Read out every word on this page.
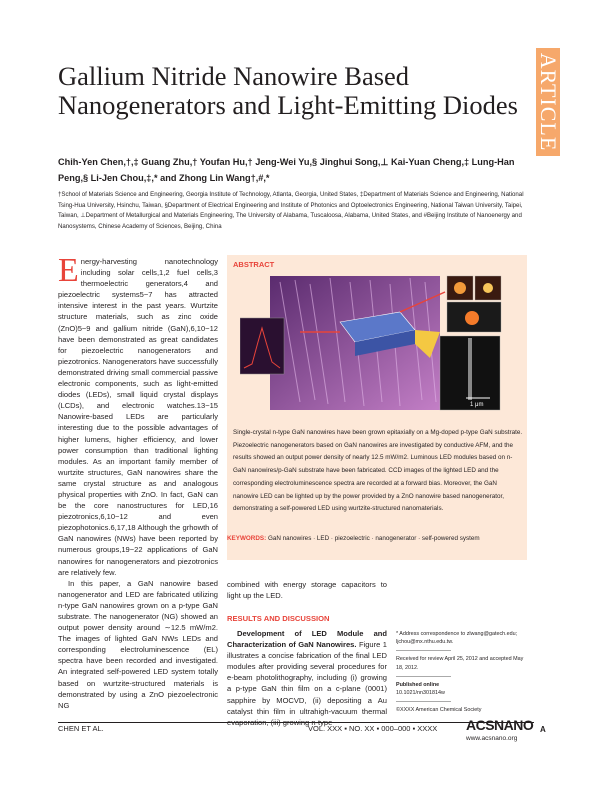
ARTICLE
Gallium Nitride Nanowire Based Nanogenerators and Light-Emitting Diodes
Chih-Yen Chen,†,‡ Guang Zhu,† Youfan Hu,† Jeng-Wei Yu,§ Jinghui Song,⊥ Kai-Yuan Cheng,‡ Lung-Han Peng,§ Li-Jen Chou,‡,* and Zhong Lin Wang†,#,*
†School of Materials Science and Engineering, Georgia Institute of Technology, Atlanta, Georgia, United States, ‡Department of Materials Science and Engineering, National Tsing-Hua University, Hsinchu, Taiwan, §Department of Electrical Engineering and Institute of Photonics and Optoelectronics Engineering, National Taiwan University, Taipei, Taiwan, ⊥Department of Metallurgical and Materials Engineering, The University of Alabama, Tuscaloosa, Alabama, United States, and #Beijing Institute of Nanoenergy and Nanosystems, Chinese Academy of Sciences, Beijing, China

Energy-harvesting nanotechnology including solar cells,1,2 fuel cells,3 thermoelectric generators,4 and piezoelectric systems5−7 has attracted intensive interest in the past years. Wurtzite structure materials, such as zinc oxide (ZnO)5−9 and gallium nitride (GaN),6,10−12 have been demonstrated as great candidates for piezoelectric nanogenerators and piezotronics. Nanogenerators have successfully demonstrated driving small commercial passive electronic components, such as light-emitted diodes (LEDs), small liquid crystal displays (LCDs), and electronic watches.13−15 Nanowire-based LEDs are particularly interesting due to the possible advantages of higher lumens, higher efficiency, and lower power consumption than traditional lighting modules. As an important family member of wurtzite structures, GaN nanowires share the same crystal structure as and analogous physical properties with ZnO. In fact, GaN can be the core nanostructures for LED,16 piezotronics,6,10−12 and even piezophotonics.6,17,18 Although the grhowth of GaN nanowires (NWs) have been reported by numerous groups,19−22 applications of GaN nanowires for nanogenerators and piezotronics are relatively few.

In this paper, a GaN nanowire based nanogenerator and LED are fabricated utilizing n-type GaN nanowires grown on a p-type GaN substrate. The nanogenerator (NG) showed an output power density around ∼12.5 mW/m2. The images of lighted GaN NWs LEDs and corresponding electroluminescence (EL) spectra have been recorded and investigated. An integrated self-powered LED system totally based on wurtzite-structured materials is demonstrated by using a ZnO piezoelectronic NG

ABSTRACT
1 μm
Single-crystal n-type GaN nanowires have been grown epitaxially on a Mg-doped p-type GaN substrate. Piezoelectric nanogenerators based on GaN nanowires are investigated by conductive AFM, and the results showed an output power density of nearly 12.5 mW/m2. Luminous LED modules based on n-GaN nanowires/p-GaN substrate have been fabricated. CCD images of the lighted LED and the corresponding electroluminescence spectra are recorded at a forward bias. Moreover, the GaN nanowire LED can be lighted up by the power provided by a ZnO nanowire based nanogenerator, demonstrating a self-powered LED using wurtzite-structured nanomaterials.
KEYWORDS: GaN nanowires · LED · piezoelectric · nanogenerator · self-powered system

combined with energy storage capacitors to light up the LED.

RESULTS AND DISCUSSION

Development of LED Module and Characterization of GaN Nanowires. Figure 1 illustrates a concise fabrication of the final LED modules after providing several procedures for e-beam photolithography, including (i) growing a p-type GaN thin film on a c-plane (0001) sapphire by MOCVD, (ii) depositing a Au catalyst thin film in ultrahigh-vacuum thermal evaporation, (iii) growing n-type

* Address correspondence to zlwang@gatech.edu; ljchou@mx.nthu.edu.tw.
Received for review April 25, 2012 and accepted May 18, 2012.
Published online
10.1021/nn301814w
©XXXX American Chemical Society
CHEN ET AL.	VOL. XXX ▪ NO. XX ▪ 000–000 ▪ XXXX ACSNANO
www.acsnano.org
A
